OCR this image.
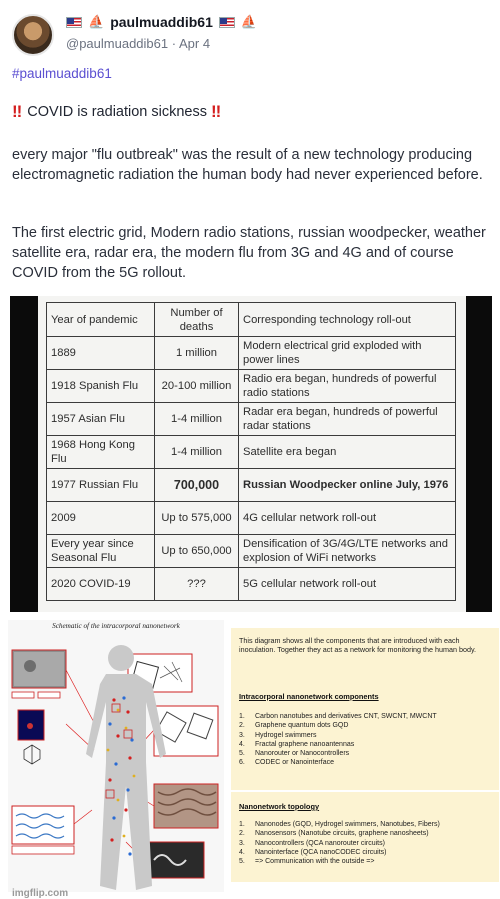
⛵ paulmuaddib61 ⛵
@paulmuaddib61 · Apr 4
#paulmuaddib61
‼ COVID is radiation sickness ‼
every major "flu outbreak" was the result of a new technology producing electromagnetic radiation the human body had never experienced before.
The first electric grid, Modern radio stations, russian woodpecker, weather satellite era, radar era, the modern flu from 3G and 4G and of course COVID from the 5G rollout.
Year of pandemic	Number of deaths	Corresponding technology roll-out
1889	1 million	Modern electrical grid exploded with power lines
1918 Spanish Flu	20-100 million	Radio era began, hundreds of powerful radio stations
1957 Asian Flu	1-4 million	Radar era began, hundreds of powerful radar stations
1968 Hong Kong Flu	1-4 million	Satellite era began
1977 Russian Flu	700,000	Russian Woodpecker online July, 1976
2009	Up to 575,000	4G cellular network roll-out
Every year since Seasonal Flu	Up to 650,000	Densification of 3G/4G/LTE networks and explosion of WiFi networks
2020 COVID-19	???	5G cellular network roll-out
Schematic of the intracorporal nanonetwork
imgflip.com
This diagram shows all the components that are introduced with each inoculation. Together they act as a network for monitoring the human body.
Intracorporal nanonetwork components
1.	Carbon nanotubes and derivatives CNT, SWCNT, MWCNT
2.	Graphene quantum dots GQD
3.	Hydrogel swimmers
4.	Fractal graphene nanoantennas
5.	Nanorouter or Nanocontrollers
6.	CODEC or Nanointerface
Nanonetwork topology
1.	Nanonodes (GQD, Hydrogel swimmers, Nanotubes, Fibers)
2.	Nanosensors (Nanotube circuits, graphene nanosheets)
3.	Nanocontrollers (QCA nanorouter circuits)
4.	Nanointerface (QCA nanoCODEC circuits)
5.	=> Communication with the outside =>
